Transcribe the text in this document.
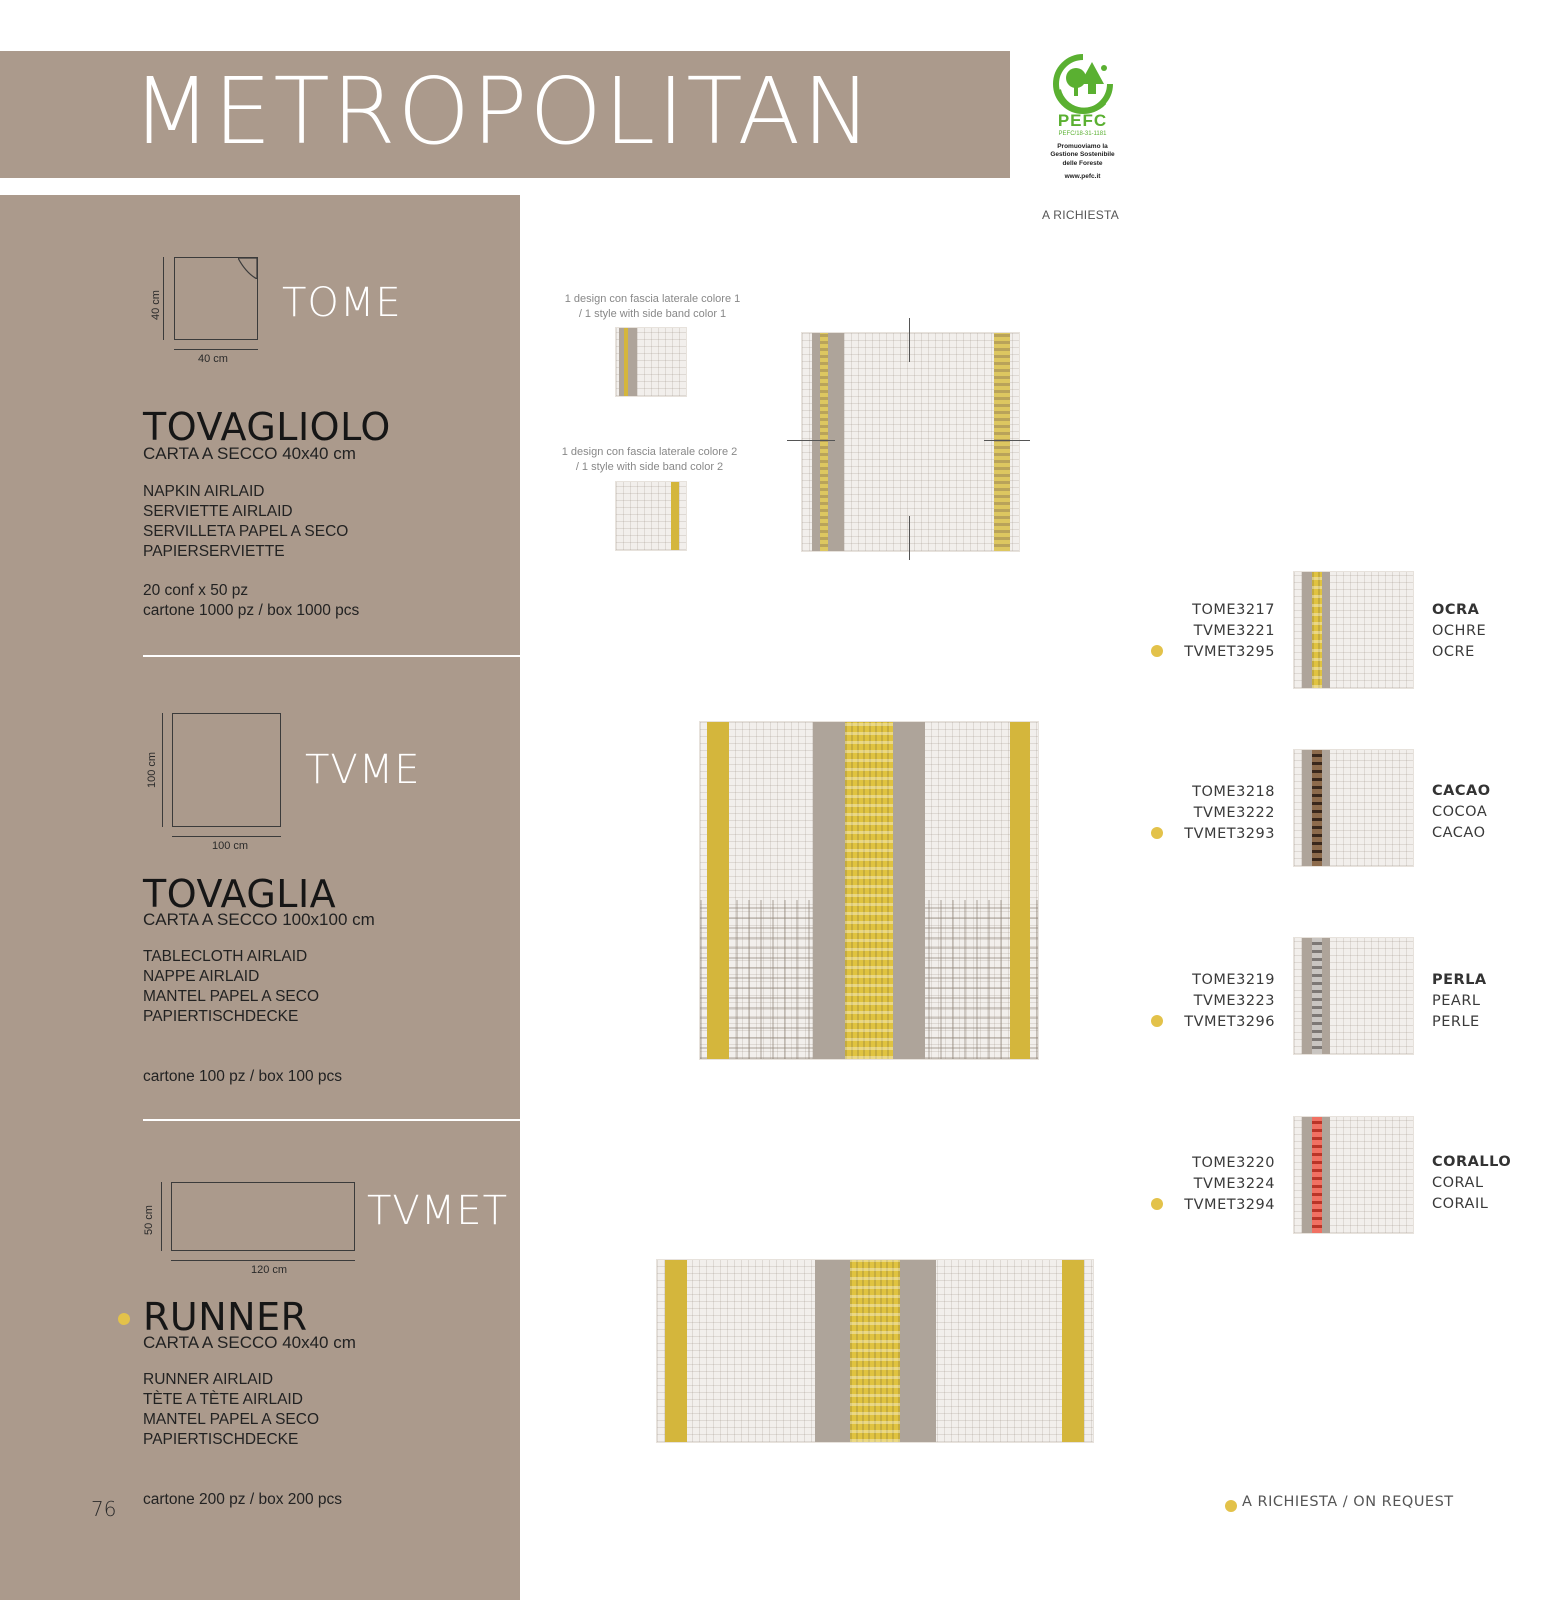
METROPOLITAN	PEFC
PEFC/18-31-1181
Promuoviamo la
Gestione Sostenibile
delle Foreste
www.pefc.it
A RICHIESTA
40 cm
40 cm
TOME
TOVAGLIOLO
CARTA A SECCO 40x40 cm
NAPKIN AIRLAID
SERVIETTE AIRLAID
SERVILLETA PAPEL A SECO
PAPIERSERVIETTE
20 conf x 50 pz
cartone 1000 pz / box 1000 pcs
100 cm
100 cm
TVME
TOVAGLIA
CARTA A SECCO 100x100 cm
TABLECLOTH AIRLAID
NAPPE AIRLAID
MANTEL PAPEL A SECO
PAPIERTISCHDECKE
cartone 100 pz / box 100 pcs
50 cm
120 cm
TVMET
RUNNER
CARTA A SECCO 40x40 cm
RUNNER AIRLAID
TÈTE A TÈTE AIRLAID
MANTEL PAPEL A SECO
PAPIERTISCHDECKE
cartone 200 pz / box 200 pcs
76
1 design con fascia laterale colore 1
/ 1 style with side band color 1
1 design con fascia laterale colore 2
/ 1 style with side band color 2
TOME3217
TVME3221
TVMET3295
OCRA
OCHRE
OCRE
TOME3218
TVME3222
TVMET3293
CACAO
COCOA
CACAO
TOME3219
TVME3223
TVMET3296
PERLA
PEARL
PERLE
TOME3220
TVME3224
TVMET3294
CORALLO
CORAL
CORAIL
A RICHIESTA / ON REQUEST
